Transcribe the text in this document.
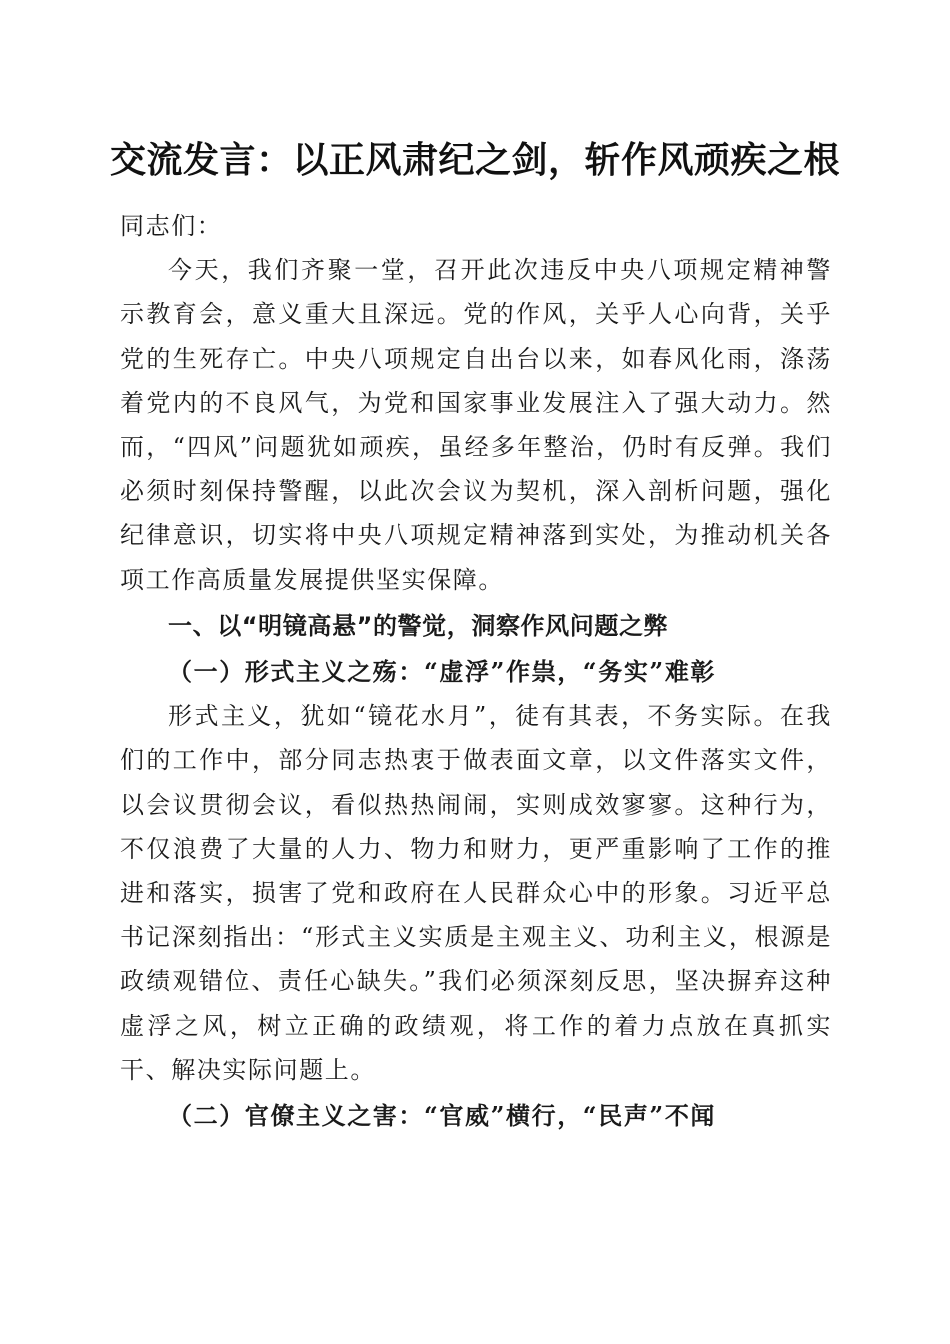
交流发言：以正风肃纪之剑，斩作风顽疾之根

同志们：

今天，我们齐聚一堂，召开此次违反中央八项规定精神警示教育会，意义重大且深远。党的作风，关乎人心向背，关乎党的生死存亡。中央八项规定自出台以来，如春风化雨，涤荡着党内的不良风气，为党和国家事业发展注入了强大动力。然而，“四风”问题犹如顽疾，虽经多年整治，仍时有反弹。我们必须时刻保持警醒，以此次会议为契机，深入剖析问题，强化纪律意识，切实将中央八项规定精神落到实处，为推动机关各项工作高质量发展提供坚实保障。

一、以“明镜高悬”的警觉，洞察作风问题之弊

（一）形式主义之殇：“虚浮”作祟，“务实”难彰

形式主义，犹如“镜花水月”，徒有其表，不务实际。在我们的工作中，部分同志热衷于做表面文章，以文件落实文件，以会议贯彻会议，看似热热闹闹，实则成效寥寥。这种行为，不仅浪费了大量的人力、物力和财力，更严重影响了工作的推进和落实，损害了党和政府在人民群众心中的形象。习近平总书记深刻指出：“形式主义实质是主观主义、功利主义，根源是政绩观错位、责任心缺失。”我们必须深刻反思，坚决摒弃这种虚浮之风，树立正确的政绩观，将工作的着力点放在真抓实干、解决实际问题上。

（二）官僚主义之害：“官威”横行，“民声”不闻
